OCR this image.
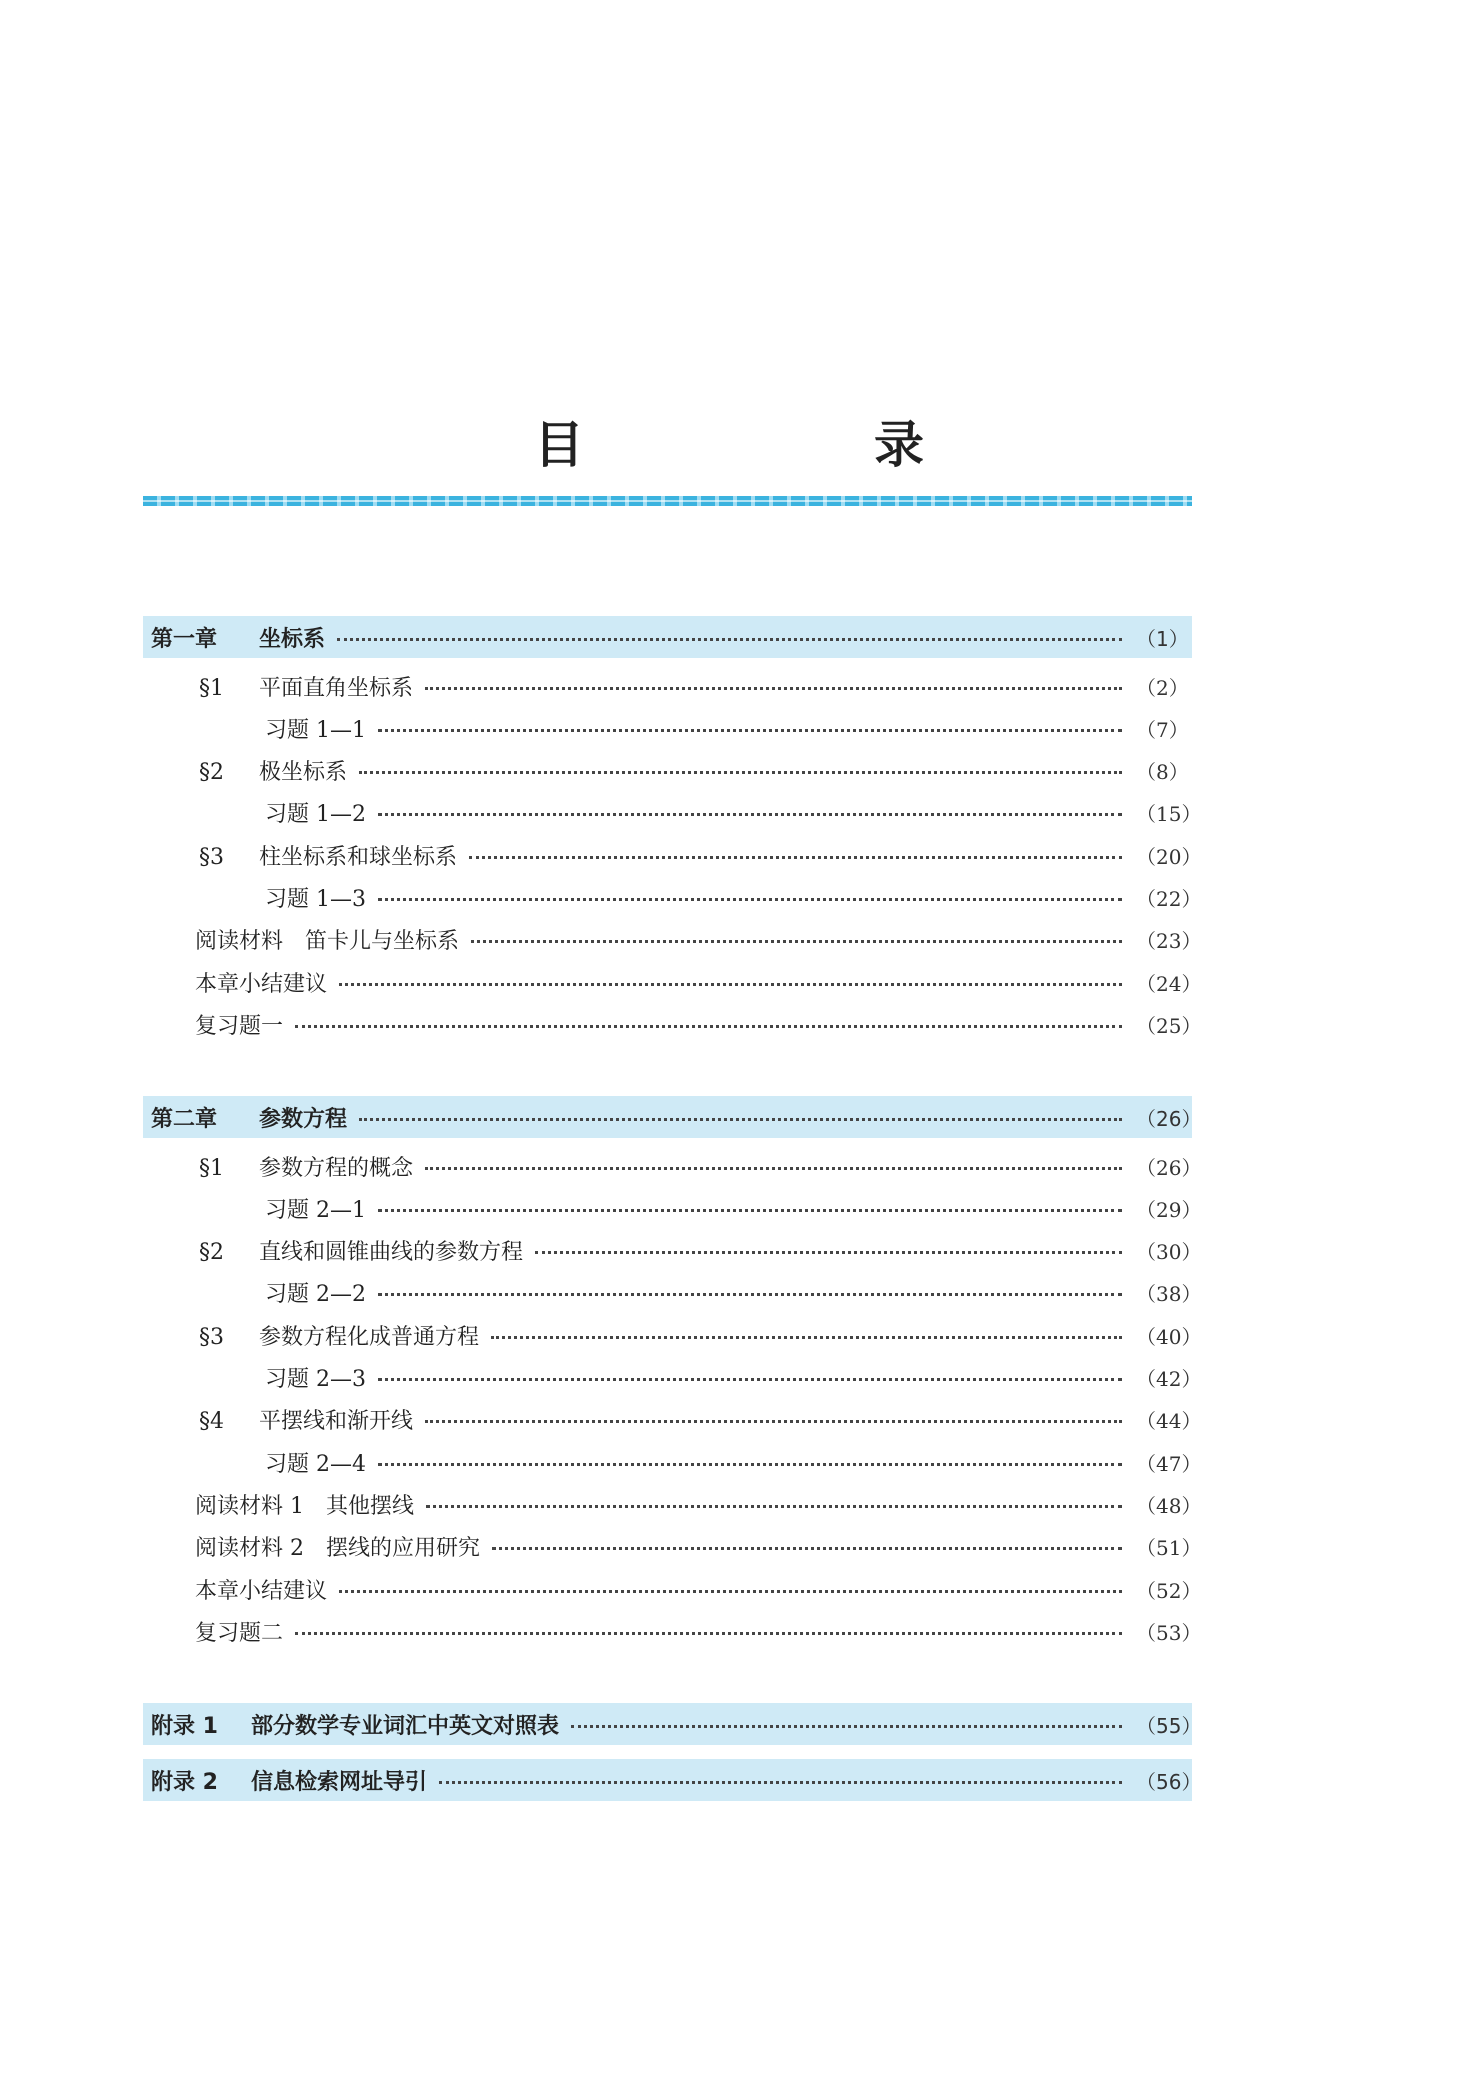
目　录
第一章 坐标系	（1）
§1 平面直角坐标系	（2）
习题 1—1	（7）
§2 极坐标系	（8）
习题 1—2	（15）
§3 柱坐标系和球坐标系	（20）
习题 1—3	（22）
阅读材料　笛卡儿与坐标系	（23）
本章小结建议	（24）
复习题一	（25）
第二章 参数方程	（26）
§1 参数方程的概念	（26）
习题 2—1	（29）
§2 直线和圆锥曲线的参数方程	（30）
习题 2—2	（38）
§3 参数方程化成普通方程	（40）
习题 2—3	（42）
§4 平摆线和渐开线	（44）
习题 2—4	（47）
阅读材料 1　其他摆线	（48）
阅读材料 2　摆线的应用研究	（51）
本章小结建议	（52）
复习题二	（53）
附录 1 部分数学专业词汇中英文对照表	（55）
附录 2 信息检索网址导引	（56）
